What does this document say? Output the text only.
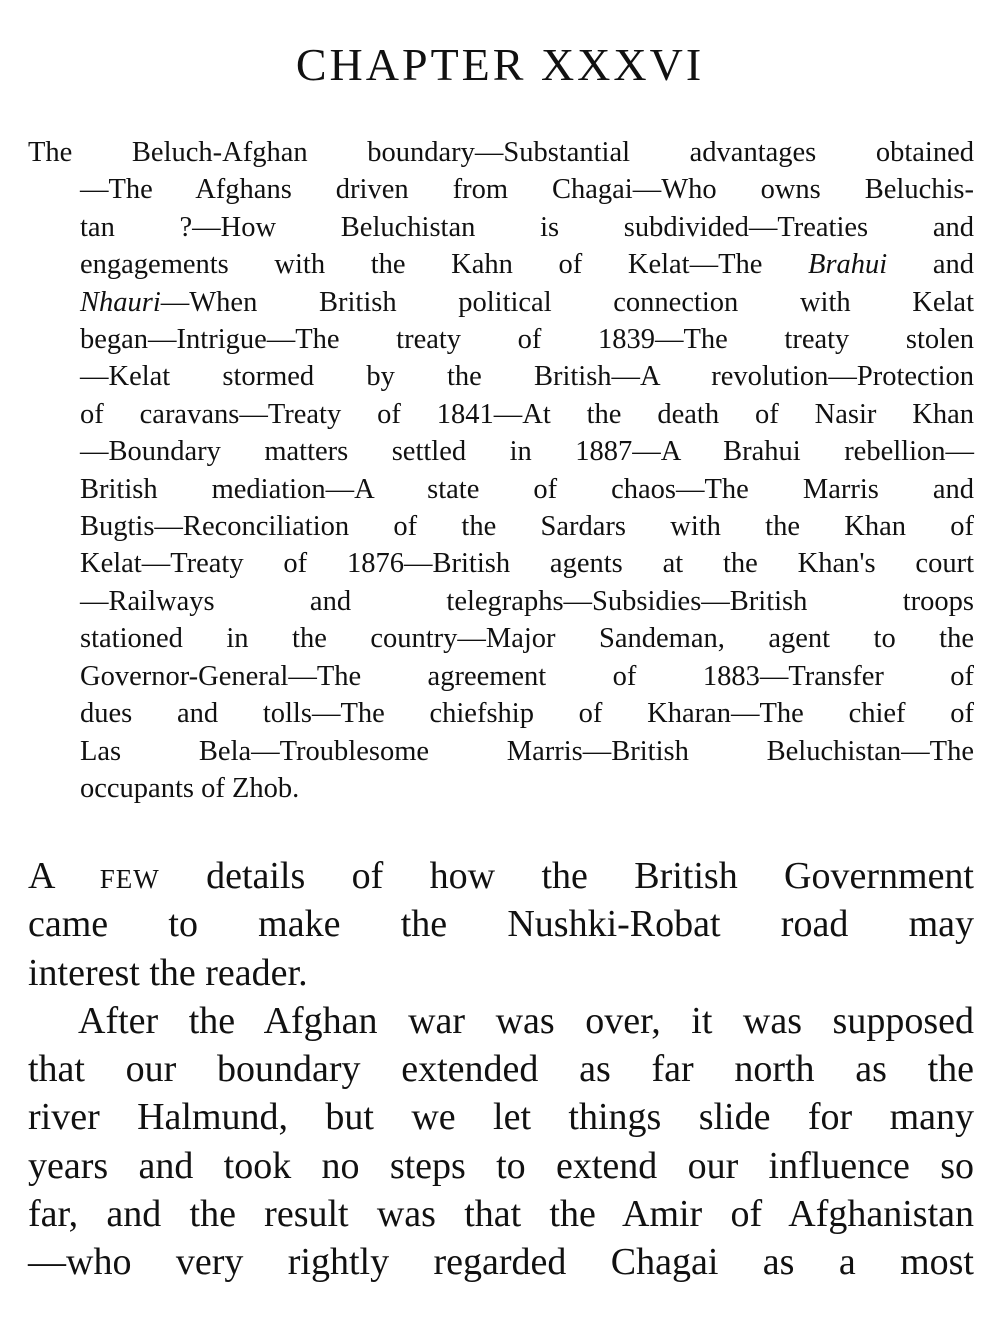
CHAPTER XXXVI
The Beluch-Afghan boundary—Substantial advantages obtained
—The Afghans driven from Chagai—Who owns Beluchis-
tan ?—How Beluchistan is subdivided—Treaties and
engagements with the Kahn of Kelat—The Brahui and
Nhauri—When British political connection with Kelat
began—Intrigue—The treaty of 1839—The treaty stolen
—Kelat stormed by the British—A revolution—Protection
of caravans—Treaty of 1841—At the death of Nasir Khan
—Boundary matters settled in 1887—A Brahui rebellion—
British mediation—A state of chaos—The Marris and
Bugtis—Reconciliation of the Sardars with the Khan of
Kelat—Treaty of 1876—British agents at the Khan's court
—Railways and telegraphs—Subsidies—British troops
stationed in the country—Major Sandeman, agent to the
Governor-General—The agreement of 1883—Transfer of
dues and tolls—The chiefship of Kharan—The chief of
Las Bela—Troublesome Marris—British Beluchistan—The
occupants of Zhob.
A few details of how the British Government
came to make the Nushki-Robat road may
interest the reader.
After the Afghan war was over, it was supposed
that our boundary extended as far north as the
river Halmund, but we let things slide for many
years and took no steps to extend our influence so
far, and the result was that the Amir of Afghanistan
—who very rightly regarded Chagai as a most
